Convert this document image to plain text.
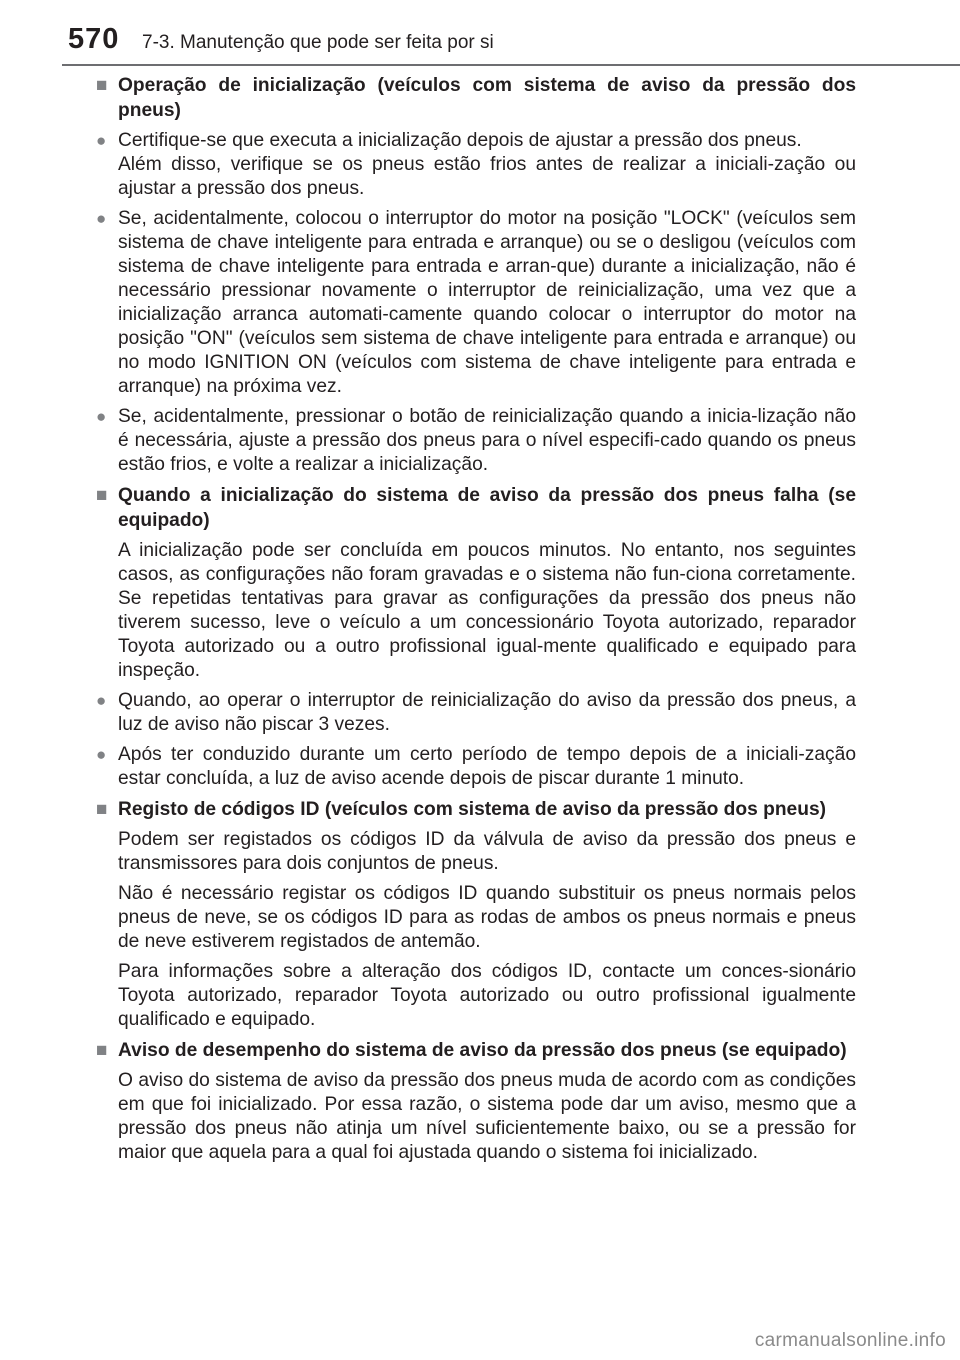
570 7-3. Manutenção que pode ser feita por si
■ Operação de inicialização (veículos com sistema de aviso da pressão dos pneus)
● Certifique-se que executa a inicialização depois de ajustar a pressão dos pneus.
Além disso, verifique se os pneus estão frios antes de realizar a iniciali-zação ou ajustar a pressão dos pneus.
● Se, acidentalmente, colocou o interruptor do motor na posição "LOCK" (veículos sem sistema de chave inteligente para entrada e arranque) ou se o desligou (veículos com sistema de chave inteligente para entrada e arran-que) durante a inicialização, não é necessário pressionar novamente o interruptor de reinicialização, uma vez que a inicialização arranca automati-camente quando colocar o interruptor do motor na posição "ON" (veículos sem sistema de chave inteligente para entrada e arranque) ou no modo IGNITION ON (veículos com sistema de chave inteligente para entrada e arranque) na próxima vez.
● Se, acidentalmente, pressionar o botão de reinicialização quando a inicia-lização não é necessária, ajuste a pressão dos pneus para o nível especifi-cado quando os pneus estão frios, e volte a realizar a inicialização.
■ Quando a inicialização do sistema de aviso da pressão dos pneus falha (se equipado)
A inicialização pode ser concluída em poucos minutos. No entanto, nos seguintes casos, as configurações não foram gravadas e o sistema não fun-ciona corretamente. Se repetidas tentativas para gravar as configurações da pressão dos pneus não tiverem sucesso, leve o veículo a um concessionário Toyota autorizado, reparador Toyota autorizado ou a outro profissional igual-mente qualificado e equipado para inspeção.
● Quando, ao operar o interruptor de reinicialização do aviso da pressão dos pneus, a luz de aviso não piscar 3 vezes.
● Após ter conduzido durante um certo período de tempo depois de a iniciali-zação estar concluída, a luz de aviso acende depois de piscar durante 1 minuto.
■ Registo de códigos ID (veículos com sistema de aviso da pressão dos pneus)
Podem ser registados os códigos ID da válvula de aviso da pressão dos pneus e transmissores para dois conjuntos de pneus.
Não é necessário registar os códigos ID quando substituir os pneus normais pelos pneus de neve, se os códigos ID para as rodas de ambos os pneus normais e pneus de neve estiverem registados de antemão.
Para informações sobre a alteração dos códigos ID, contacte um conces-sionário Toyota autorizado, reparador Toyota autorizado ou outro profissional igualmente qualificado e equipado.
■ Aviso de desempenho do sistema de aviso da pressão dos pneus (se equipado)
O aviso do sistema de aviso da pressão dos pneus muda de acordo com as condições em que foi inicializado. Por essa razão, o sistema pode dar um aviso, mesmo que a pressão dos pneus não atinja um nível suficientemente baixo, ou se a pressão for maior que aquela para a qual foi ajustada quando o sistema foi inicializado.
carmanualsonline.info
